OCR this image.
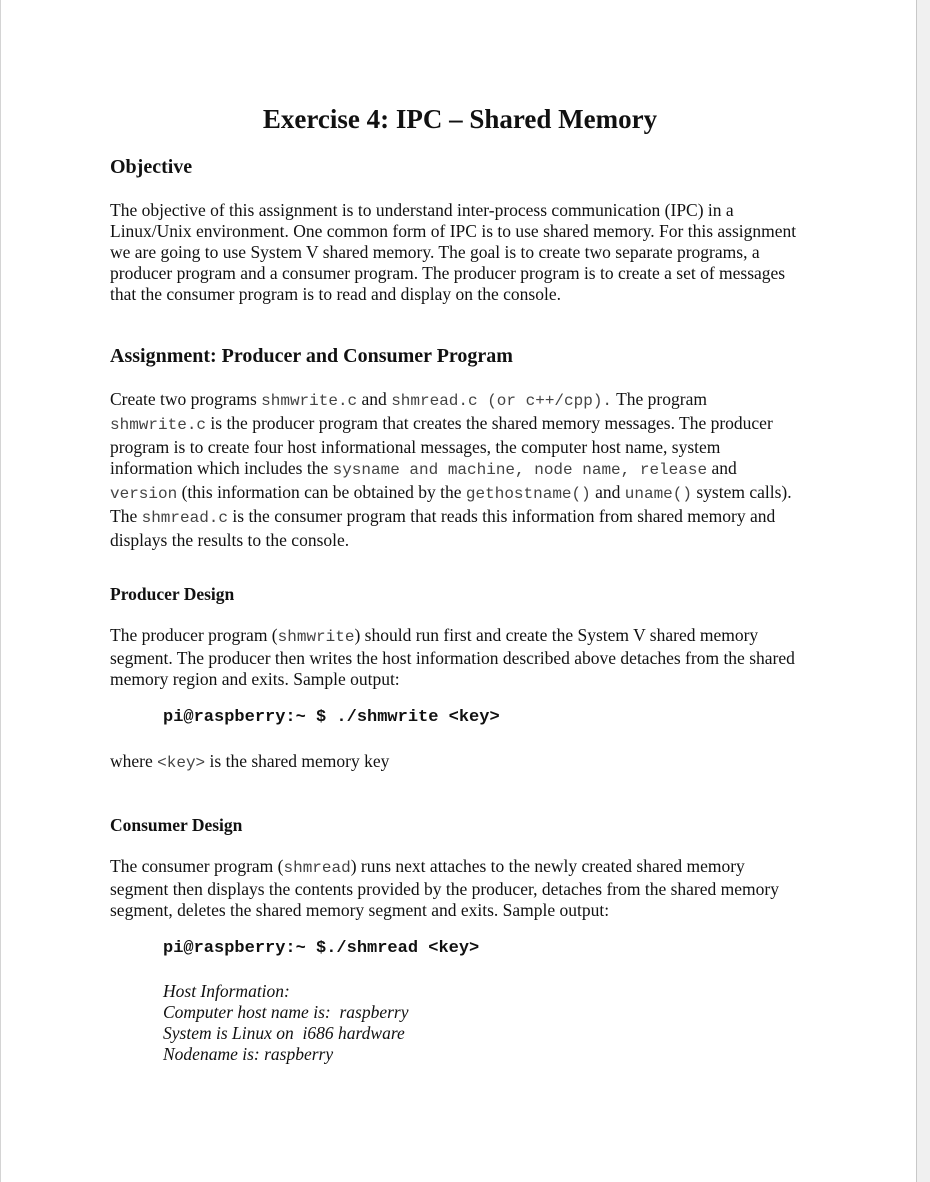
Exercise 4: IPC – Shared Memory
Objective

The objective of this assignment is to understand inter-process communication (IPC) in a Linux/Unix environment. One common form of IPC is to use shared memory. For this assignment we are going to use System V shared memory. The goal is to create two separate programs, a producer program and a consumer program. The producer program is to create a set of messages that the consumer program is to read and display on the console.

Assignment: Producer and Consumer Program

Create two programs shmwrite.c and shmread.c (or c++/cpp). The program shmwrite.c is the producer program that creates the shared memory messages. The producer program is to create four host informational messages, the computer host name, system information which includes the sysname and machine, node name, release and version (this information can be obtained by the gethostname() and uname() system calls). The shmread.c is the consumer program that reads this information from shared memory and displays the results to the console.

Producer Design

The producer program (shmwrite) should run first and create the System V shared memory segment. The producer then writes the host information described above detaches from the shared memory region and exits. Sample output:

pi@raspberry:~ $ ./shmwrite <key>

where <key> is the shared memory key

Consumer Design

The consumer program (shmread) runs next attaches to the newly created shared memory segment then displays the contents provided by the producer, detaches from the shared memory segment, deletes the shared memory segment and exits. Sample output:

pi@raspberry:~ $./shmread <key>
Host Information:
Computer host name is:  raspberry
System is Linux on  i686 hardware
Nodename is: raspberry
